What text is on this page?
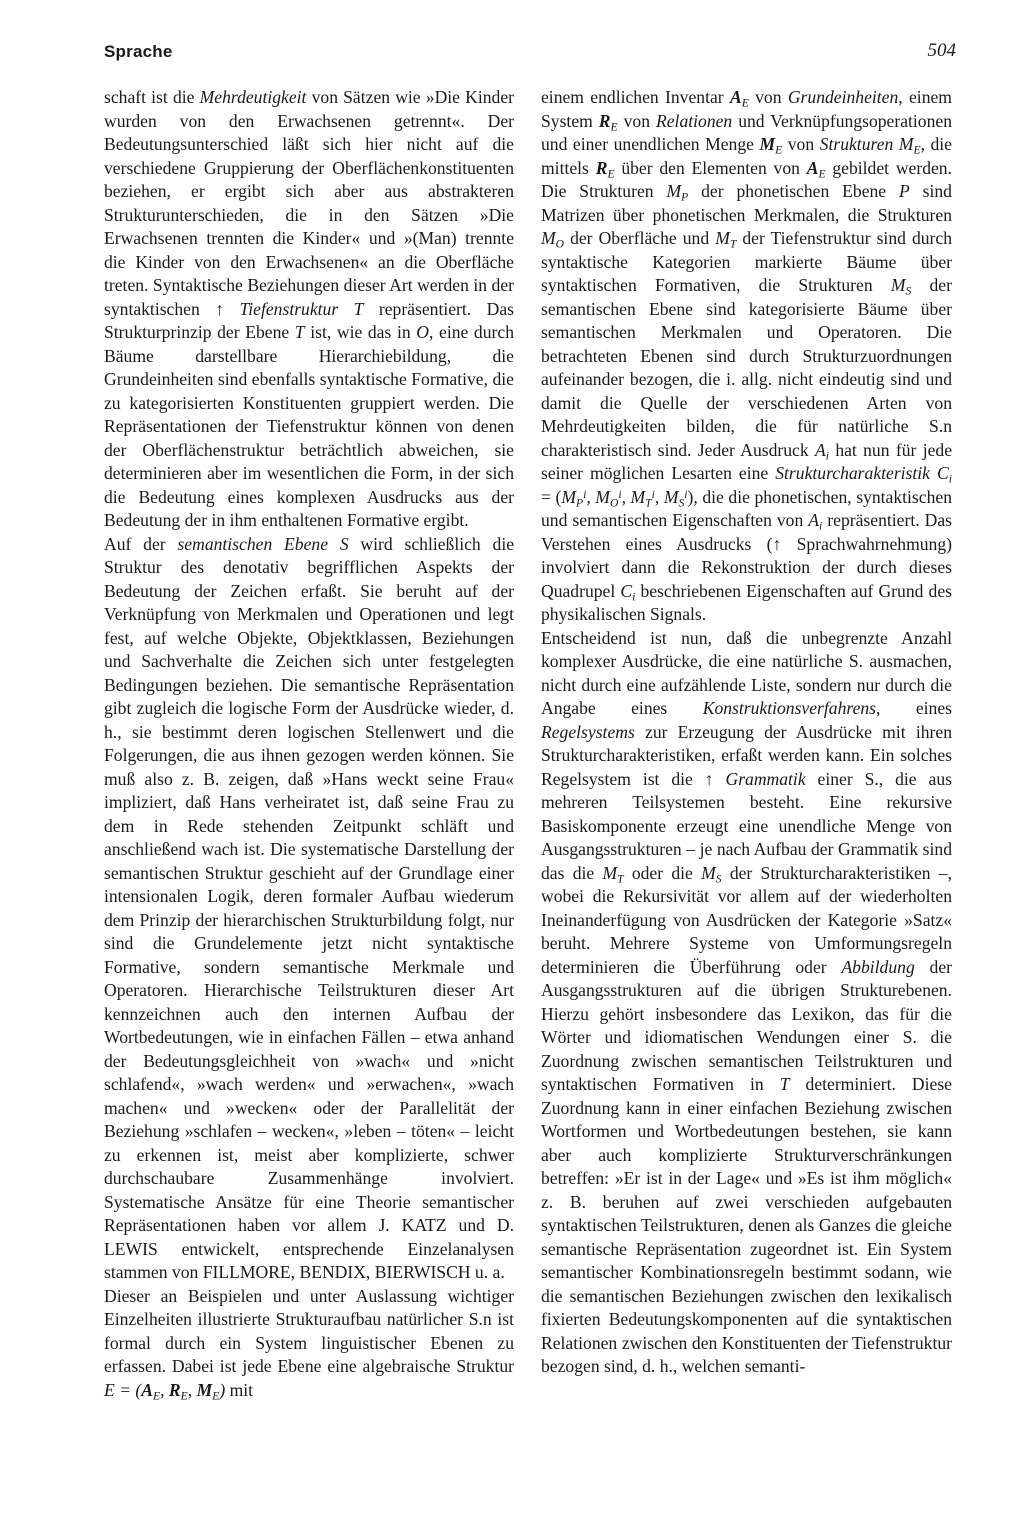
Sprache	504

schaft ist die Mehrdeutigkeit von Sätzen wie »Die Kinder wurden von den Erwachsenen getrennt«. Der Bedeutungsunterschied läßt sich hier nicht auf die verschiedene Gruppierung der Oberflächenkonstituenten beziehen, er ergibt sich aber aus abstrakteren Strukturunterschieden, die in den Sätzen »Die Erwachsenen trennten die Kinder« und »(Man) trennte die Kinder von den Erwachsenen« an die Oberfläche treten. Syntaktische Beziehungen dieser Art werden in der syntaktischen ↑ Tiefenstruktur T repräsentiert. Das Strukturprinzip der Ebene T ist, wie das in O, eine durch Bäume darstellbare Hierarchiebildung, die Grundeinheiten sind ebenfalls syntaktische Formative, die zu kategorisierten Konstituenten gruppiert werden. Die Repräsentationen der Tiefenstruktur können von denen der Oberflächenstruktur beträchtlich abweichen, sie determinieren aber im wesentlichen die Form, in der sich die Bedeutung eines komplexen Ausdrucks aus der Bedeutung der in ihm enthaltenen Formative ergibt.

Auf der semantischen Ebene S wird schließlich die Struktur des denotativ begrifflichen Aspekts der Bedeutung der Zeichen erfaßt. Sie beruht auf der Verknüpfung von Merkmalen und Operationen und legt fest, auf welche Objekte, Objektklassen, Beziehungen und Sachverhalte die Zeichen sich unter festgelegten Bedingungen beziehen. Die semantische Repräsentation gibt zugleich die logische Form der Ausdrücke wieder, d. h., sie bestimmt deren logischen Stellenwert und die Folgerungen, die aus ihnen gezogen werden können. Sie muß also z. B. zeigen, daß »Hans weckt seine Frau« impliziert, daß Hans verheiratet ist, daß seine Frau zu dem in Rede stehenden Zeitpunkt schläft und anschließend wach ist. Die systematische Darstellung der semantischen Struktur geschieht auf der Grundlage einer intensionalen Logik, deren formaler Aufbau wiederum dem Prinzip der hierarchischen Strukturbildung folgt, nur sind die Grundelemente jetzt nicht syntaktische Formative, sondern semantische Merkmale und Operatoren. Hierarchische Teilstrukturen dieser Art kennzeichnen auch den internen Aufbau der Wortbedeutungen, wie in einfachen Fällen – etwa anhand der Bedeutungsgleichheit von »wach« und »nicht schlafend«, »wach werden« und »erwachen«, »wach machen« und »wecken« oder der Parallelität der Beziehung »schlafen – wecken«, »leben – töten« – leicht zu erkennen ist, meist aber komplizierte, schwer durchschaubare Zusammenhänge involviert. Systematische Ansätze für eine Theorie semantischer Repräsentationen haben vor allem J. KATZ und D. LEWIS entwickelt, entsprechende Einzelanalysen stammen von FILLMORE, BENDIX, BIERWISCH u. a.

Dieser an Beispielen und unter Auslassung wichtiger Einzelheiten illustrierte Strukturaufbau natürlicher S.n ist formal durch ein System linguistischer Ebenen zu erfassen. Dabei ist jede Ebene eine algebraische Struktur $E = (A_E$, $R_E$, $M_E$) mit

einem endlichen Inventar $A_E$ von Grundeinheiten, einem System $R_E$ von Relationen und Verknüpfungsoperationen und einer unendlichen Menge $M_E$ von Strukturen $M_E$, die mittels $R_E$ über den Elementen von $A_E$ gebildet werden. Die Strukturen $M_P$ der phonetischen Ebene P sind Matrizen über phonetischen Merkmalen, die Strukturen $M_O$ der Oberfläche und $M_T$ der Tiefenstruktur sind durch syntaktische Kategorien markierte Bäume über syntaktischen Formativen, die Strukturen $M_S$ der semantischen Ebene sind kategorisierte Bäume über semantischen Merkmalen und Operatoren. Die betrachteten Ebenen sind durch Strukturzuordnungen aufeinander bezogen, die i. allg. nicht eindeutig sind und damit die Quelle der verschiedenen Arten von Mehrdeutigkeiten bilden, die für natürliche S.n charakteristisch sind. Jeder Ausdruck $A_i$ hat nun für jede seiner möglichen Lesarten eine Strukturcharakteristik $C_i = (M_P^i$, $M_O^i$, $M_T^i$, $M_S^i$), die die phonetischen, syntaktischen und semantischen Eigenschaften von $A_i$ repräsentiert. Das Verstehen eines Ausdrucks (↑ Sprachwahrnehmung) involviert dann die Rekonstruktion der durch dieses Quadrupel $C_i$ beschriebenen Eigenschaften auf Grund des physikalischen Signals.

Entscheidend ist nun, daß die unbegrenzte Anzahl komplexer Ausdrücke, die eine natürliche S. ausmachen, nicht durch eine aufzählende Liste, sondern nur durch die Angabe eines Konstruktionsverfahrens, eines Regelsystems zur Erzeugung der Ausdrücke mit ihren Strukturcharakteristiken, erfaßt werden kann. Ein solches Regelsystem ist die ↑ Grammatik einer S., die aus mehreren Teilsystemen besteht. Eine rekursive Basiskomponente erzeugt eine unendliche Menge von Ausgangsstrukturen – je nach Aufbau der Grammatik sind das die $M_T$ oder die $M_S$ der Strukturcharakteristiken –, wobei die Rekursivität vor allem auf der wiederholten Ineinanderfügung von Ausdrücken der Kategorie »Satz« beruht. Mehrere Systeme von Umformungsregeln determinieren die Überführung oder Abbildung der Ausgangsstrukturen auf die übrigen Strukturebenen. Hierzu gehört insbesondere das Lexikon, das für die Wörter und idiomatischen Wendungen einer S. die Zuordnung zwischen semantischen Teilstrukturen und syntaktischen Formativen in T determiniert. Diese Zuordnung kann in einer einfachen Beziehung zwischen Wortformen und Wortbedeutungen bestehen, sie kann aber auch komplizierte Strukturverschränkungen betreffen: »Er ist in der Lage« und »Es ist ihm möglich« z. B. beruhen auf zwei verschieden aufgebauten syntaktischen Teilstrukturen, denen als Ganzes die gleiche semantische Repräsentation zugeordnet ist. Ein System semantischer Kombinationsregeln bestimmt sodann, wie die semantischen Beziehungen zwischen den lexikalisch fixierten Bedeutungskomponenten auf die syntaktischen Relationen zwischen den Konstituenten der Tiefenstruktur bezogen sind, d. h., welchen semanti-
